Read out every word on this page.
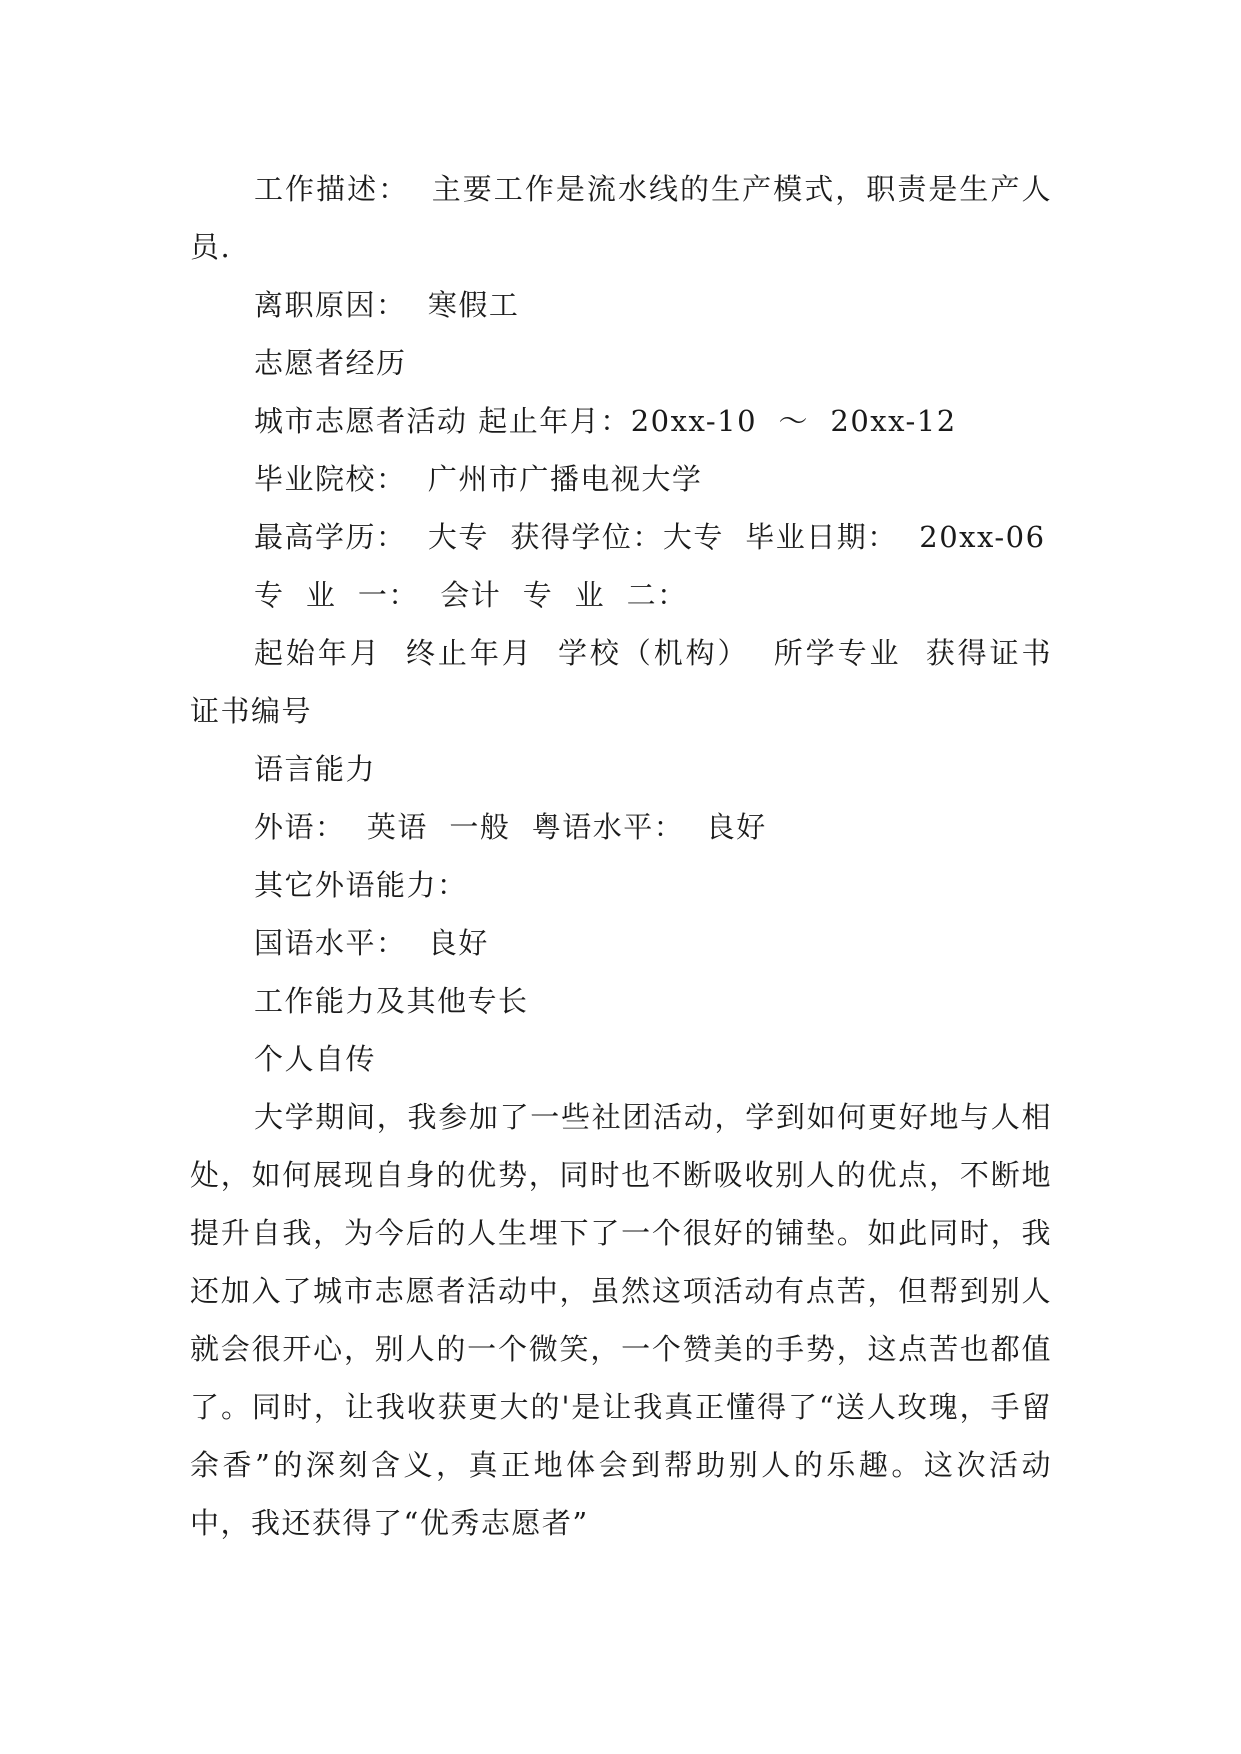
工作描述：  主要工作是流水线的生产模式，职责是生产人员.

离职原因：  寒假工

志愿者经历

城市志愿者活动 起止年月：20xx-10  ～  20xx-12

毕业院校：  广州市广播电视大学

最高学历：  大专  获得学位：大专  毕业日期：  20xx-06

专  业  一：  会计  专  业  二：

起始年月  终止年月  学校（机构）  所学专业  获得证书  证书编号

语言能力

外语：  英语  一般  粤语水平：  良好

其它外语能力：

国语水平：  良好

工作能力及其他专长

个人自传

大学期间，我参加了一些社团活动，学到如何更好地与人相处，如何展现自身的优势，同时也不断吸收别人的优点，不断地提升自我，为今后的人生埋下了一个很好的铺垫。如此同时，我还加入了城市志愿者活动中，虽然这项活动有点苦，但帮到别人就会很开心，别人的一个微笑，一个赞美的手势，这点苦也都值了。同时，让我收获更大的'是让我真正懂得了“送人玫瑰，手留余香”的深刻含义，真正地体会到帮助别人的乐趣。这次活动中，我还获得了“优秀志愿者”
